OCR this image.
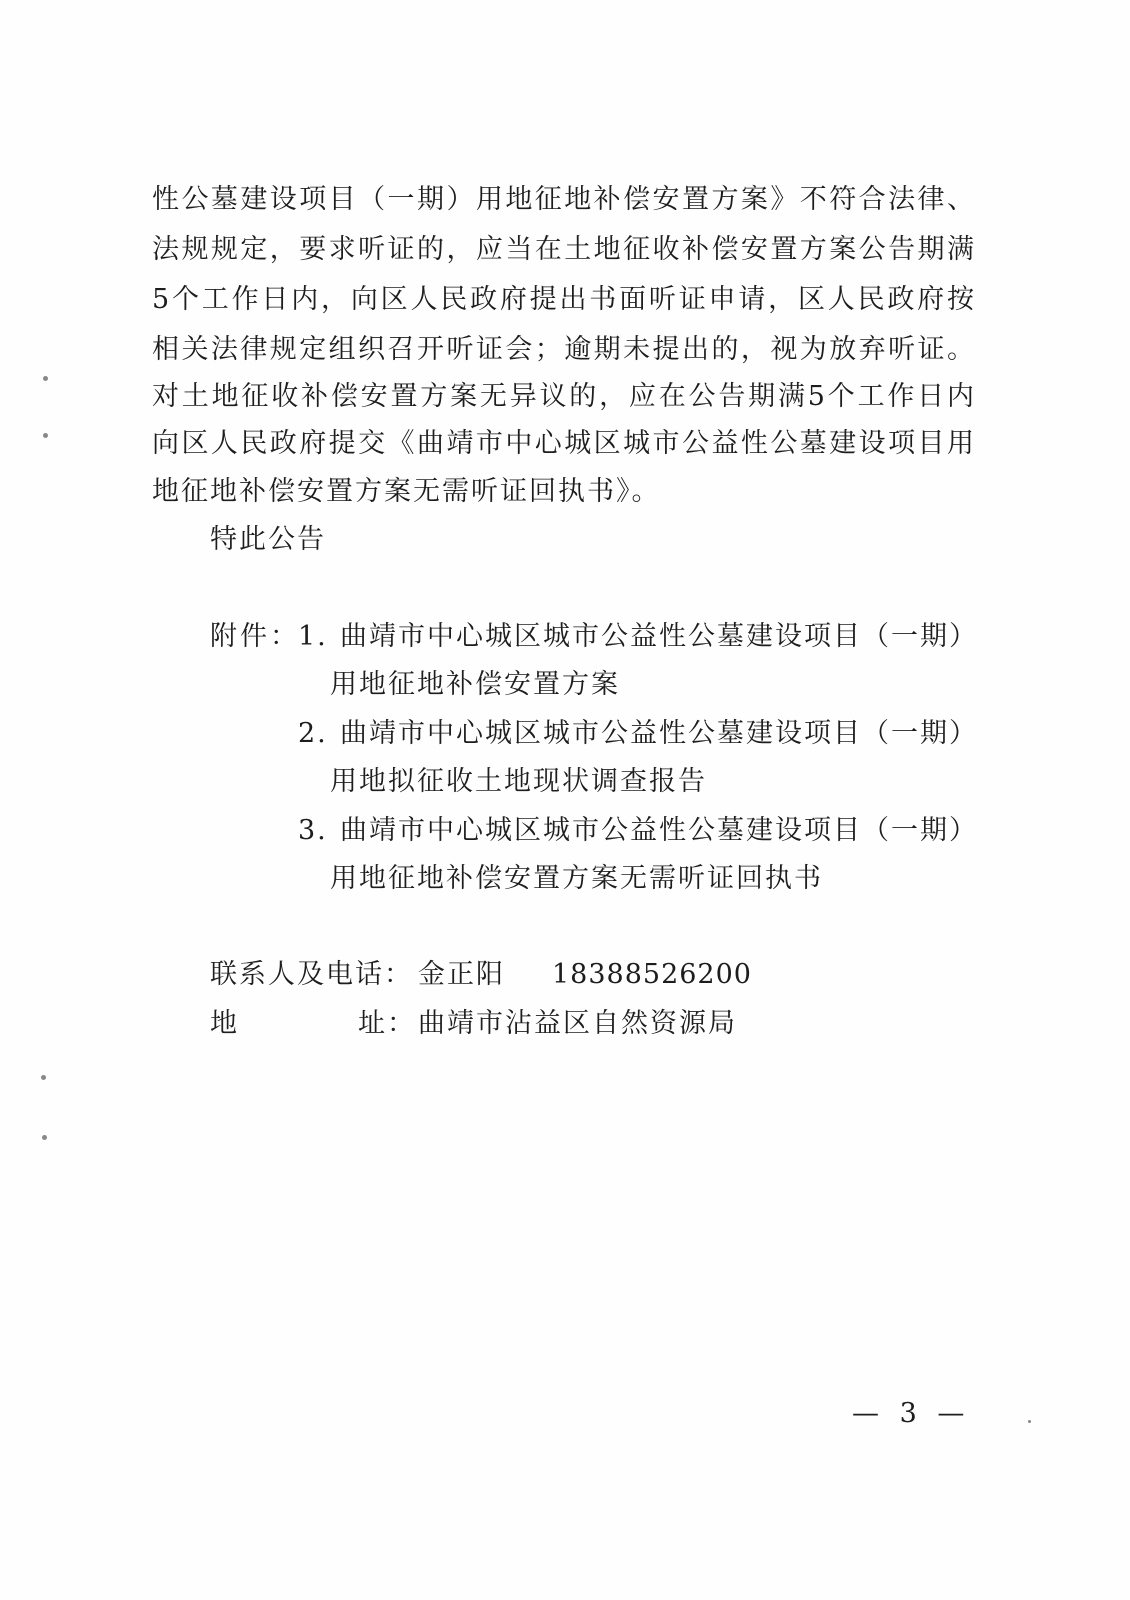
性公墓建设项目（一期）用地征地补偿安置方案》不符合法律、
法规规定，要求听证的，应当在土地征收补偿安置方案公告期满
5个工作日内，向区人民政府提出书面听证申请，区人民政府按
相关法律规定组织召开听证会；逾期未提出的，视为放弃听证。
对土地征收补偿安置方案无异议的，应在公告期满5个工作日内
向区人民政府提交《曲靖市中心城区城市公益性公墓建设项目用
地征地补偿安置方案无需听证回执书》。
特此公告
附件：
1. 曲靖市中心城区城市公益性公墓建设项目（一期）
用地征地补偿安置方案
2. 曲靖市中心城区城市公益性公墓建设项目（一期）
用地拟征收土地现状调查报告
3. 曲靖市中心城区城市公益性公墓建设项目（一期）
用地征地补偿安置方案无需听证回执书
联系人及电话： 金正阳 18388526200
地	址： 曲靖市沾益区自然资源局
— 3 —
